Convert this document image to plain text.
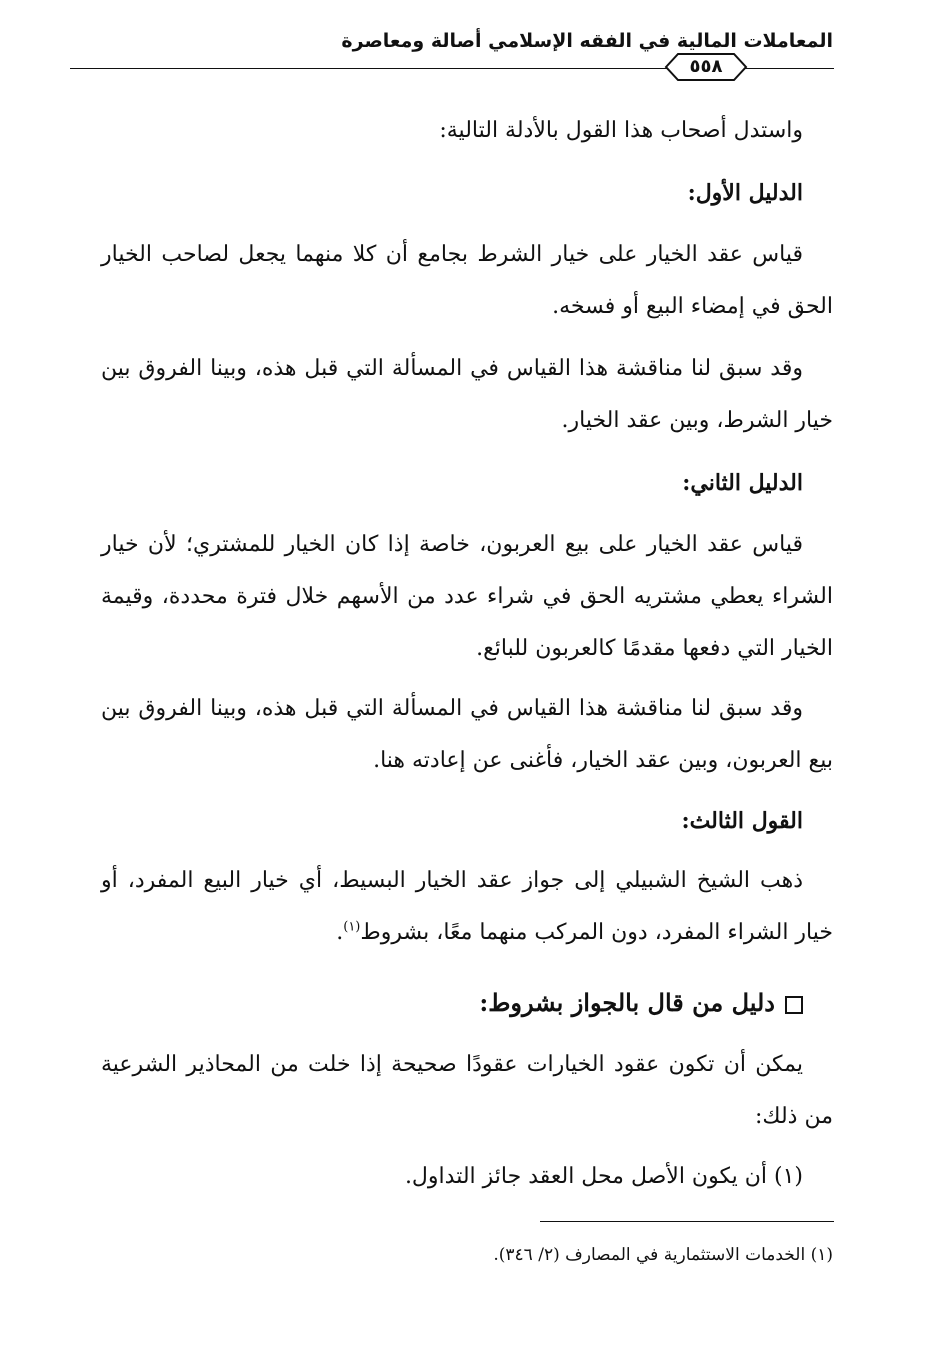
المعاملات المالية في الفقه الإسلامي أصالة ومعاصرة
٥٥٨
واستدل أصحاب هذا القول بالأدلة التالية:
الدليل الأول:
قياس عقد الخيار على خيار الشرط بجامع أن كلا منهما يجعل لصاحب الخيار الحق في إمضاء البيع أو فسخه.
وقد سبق لنا مناقشة هذا القياس في المسألة التي قبل هذه، وبينا الفروق بين خيار الشرط، وبين عقد الخيار.
الدليل الثاني:
قياس عقد الخيار على بيع العربون، خاصة إذا كان الخيار للمشتري؛ لأن خيار الشراء يعطي مشتريه الحق في شراء عدد من الأسهم خلال فترة محددة، وقيمة الخيار التي دفعها مقدمًا كالعربون للبائع.
وقد سبق لنا مناقشة هذا القياس في المسألة التي قبل هذه، وبينا الفروق بين بيع العربون، وبين عقد الخيار، فأغنى عن إعادته هنا.
القول الثالث:
ذهب الشيخ الشبيلي إلى جواز عقد الخيار البسيط، أي خيار البيع المفرد، أو خيار الشراء المفرد، دون المركب منهما معًا، بشروط$^{(١)}$.
دليل من قال بالجواز بشروط:
يمكن أن تكون عقود الخيارات عقودًا صحيحة إذا خلت من المحاذير الشرعية من ذلك:
(١) أن يكون الأصل محل العقد جائز التداول.
(١) الخدمات الاستثمارية في المصارف (٢/ ٣٤٦).
